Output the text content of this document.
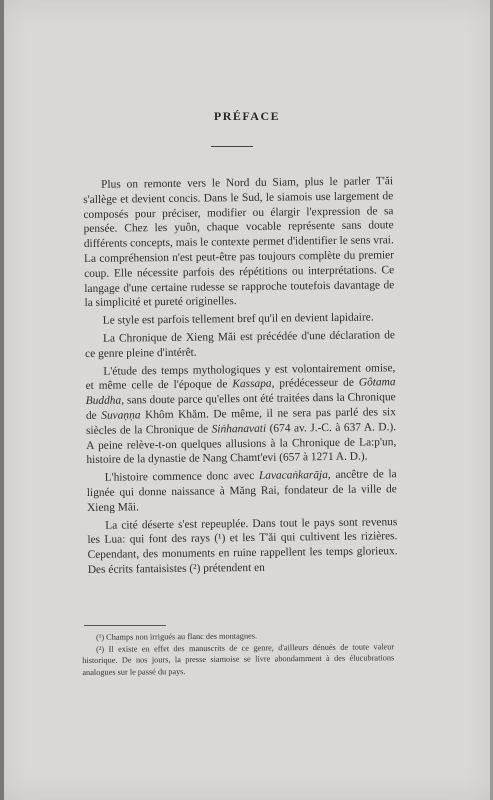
PRÉFACE

Plus on remonte vers le Nord du Siam, plus le parler T'ăi s'allège et devient concis. Dans le Sud, le siamois use largement de composés pour préciser, modifier ou élargir l'expression de sa pensée. Chez les yuôn, chaque vocable représente sans doute différents concepts, mais le contexte permet d'identifier le sens vrai. La compréhension n'est peut-être pas toujours complète du premier coup. Elle nécessite parfois des répétitions ou interprétations. Ce langage d'une certaine rudesse se rapproche toutefois davantage de la simplicité et pureté originelles.

Le style est parfois tellement bref qu'il en devient lapidaire.

La Chronique de Xieng Măi est précédée d'une déclaration de ce genre pleine d'intérêt.

L'étude des temps mythologiques y est volontairement omise, et même celle de l'époque de Kassapa, prédécesseur de Gôtama Buddha, sans doute parce qu'elles ont été traitées dans la Chronique de Suvaṇṇa Khôm Khăm. De même, il ne sera pas parlé des six siècles de la Chronique de Siṅhanavati (674 av. J.-C. à 637 A. D.). A peine relève-t-on quelques allusions à la Chronique de La:p'un, histoire de la dynastie de Nang Chamt'evi (657 à 1271 A. D.).

L'histoire commence donc avec Lavacaṅkarāja, ancêtre de la lignée qui donne naissance à Măng Rai, fondateur de la ville de Xieng Măi.

La cité déserte s'est repeuplée. Dans tout le pays sont revenus les Lua: qui font des rays (¹) et les T'ăi qui cultivent les rizières. Cependant, des monuments en ruine rappellent les temps glorieux. Des écrits fantaisistes (²) prétendent en

(¹) Champs non irrigués au flanc des montagnes.

(²) Il existe en effet des manuscrits de ce genre, d'ailleurs dénués de toute valeur historique. De nos jours, la presse siamoise se livre abondamment à des élucubrations analogues sur le passé du pays.
